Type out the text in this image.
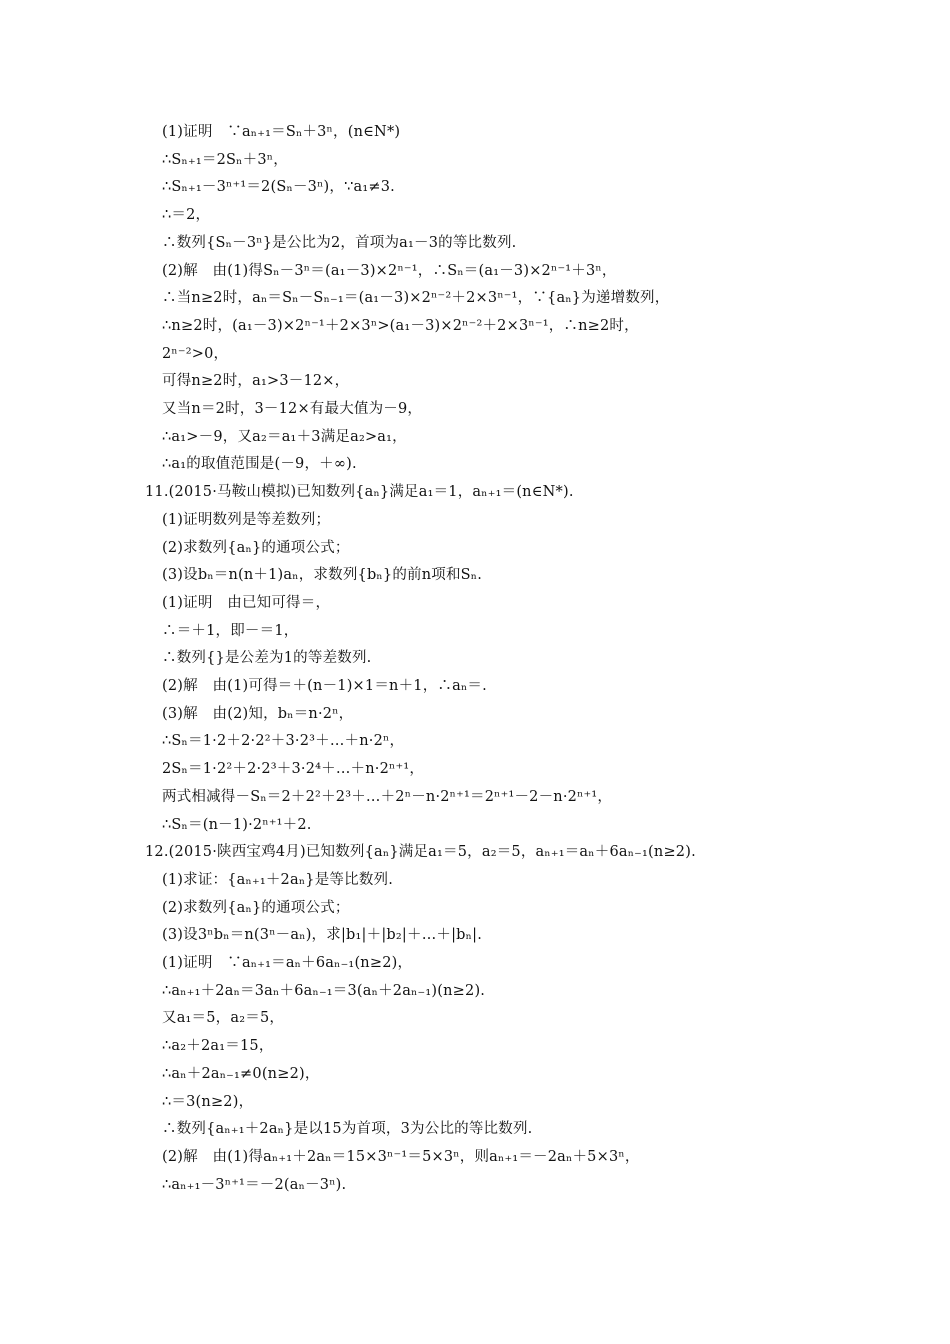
(1)证明　∵aₙ₊₁＝Sₙ＋3ⁿ，(n∈N*)
∴Sₙ₊₁＝2Sₙ＋3ⁿ，
∴Sₙ₊₁－3ⁿ⁺¹＝2(Sₙ－3ⁿ)，∵a₁≠3.
∴＝2，
∴数列{Sₙ－3ⁿ}是公比为2，首项为a₁－3的等比数列.
(2)解　由(1)得Sₙ－3ⁿ＝(a₁－3)×2ⁿ⁻¹，∴Sₙ＝(a₁－3)×2ⁿ⁻¹＋3ⁿ，
∴当n≥2时，aₙ＝Sₙ－Sₙ₋₁＝(a₁－3)×2ⁿ⁻²＋2×3ⁿ⁻¹，∵{aₙ}为递增数列，
∴n≥2时，(a₁－3)×2ⁿ⁻¹＋2×3ⁿ>(a₁－3)×2ⁿ⁻²＋2×3ⁿ⁻¹，∴n≥2时，
2ⁿ⁻²>0，
可得n≥2时，a₁>3－12×，
又当n＝2时，3－12×有最大值为－9，
∴a₁>－9，又a₂＝a₁＋3满足a₂>a₁，
∴a₁的取值范围是(－9，＋∞).
11.(2015·马鞍山模拟)已知数列{aₙ}满足a₁＝1，aₙ₊₁＝(n∈N*).
(1)证明数列是等差数列；
(2)求数列{aₙ}的通项公式；
(3)设bₙ＝n(n＋1)aₙ，求数列{bₙ}的前n项和Sₙ.
(1)证明　由已知可得＝，
∴＝＋1，即－＝1，
∴数列{}是公差为1的等差数列.
(2)解　由(1)可得＝＋(n－1)×1＝n＋1，∴aₙ＝.
(3)解　由(2)知，bₙ＝n·2ⁿ，
∴Sₙ＝1·2＋2·2²＋3·2³＋…＋n·2ⁿ，
2Sₙ＝1·2²＋2·2³＋3·2⁴＋…＋n·2ⁿ⁺¹，
两式相减得－Sₙ＝2＋2²＋2³＋…＋2ⁿ－n·2ⁿ⁺¹＝2ⁿ⁺¹－2－n·2ⁿ⁺¹，
∴Sₙ＝(n－1)·2ⁿ⁺¹＋2.
12.(2015·陕西宝鸡4月)已知数列{aₙ}满足a₁＝5，a₂＝5，aₙ₊₁＝aₙ＋6aₙ₋₁(n≥2).
(1)求证：{aₙ₊₁＋2aₙ}是等比数列.
(2)求数列{aₙ}的通项公式；
(3)设3ⁿbₙ＝n(3ⁿ－aₙ)，求|b₁|＋|b₂|＋…＋|bₙ|.
(1)证明　∵aₙ₊₁＝aₙ＋6aₙ₋₁(n≥2)，
∴aₙ₊₁＋2aₙ＝3aₙ＋6aₙ₋₁＝3(aₙ＋2aₙ₋₁)(n≥2).
又a₁＝5，a₂＝5，
∴a₂＋2a₁＝15，
∴aₙ＋2aₙ₋₁≠0(n≥2)，
∴＝3(n≥2)，
∴数列{aₙ₊₁＋2aₙ}是以15为首项，3为公比的等比数列.
(2)解　由(1)得aₙ₊₁＋2aₙ＝15×3ⁿ⁻¹＝5×3ⁿ，则aₙ₊₁＝－2aₙ＋5×3ⁿ，
∴aₙ₊₁－3ⁿ⁺¹＝－2(aₙ－3ⁿ).
